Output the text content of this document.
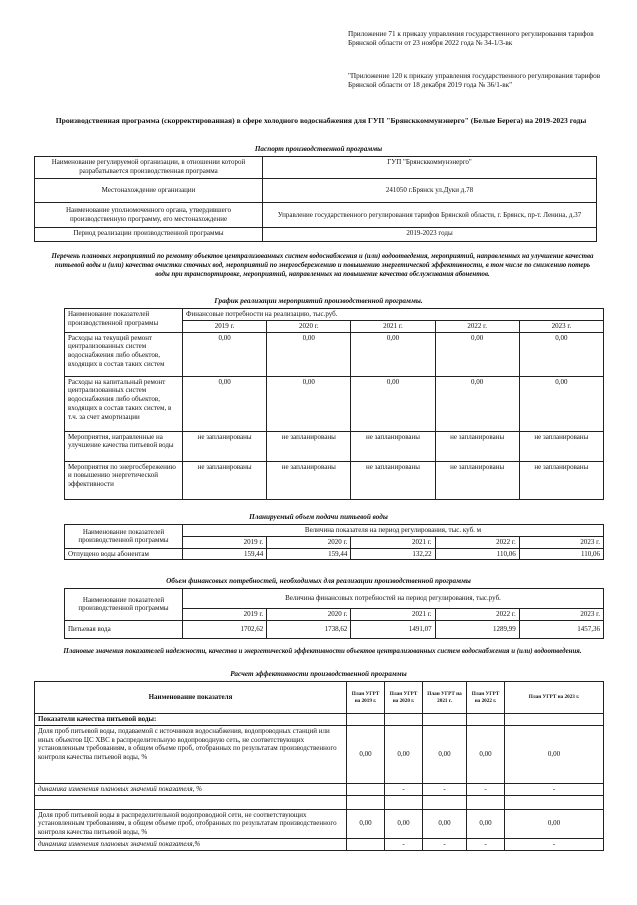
Приложение 71 к приказу управления государственного регулирования тарифов Брянской области от 23 ноября 2022 года № 34-1/3-вк
"Приложение 120 к приказу управления государственного регулирования тарифов Брянской области от 18 декабря 2019 года № 36/1-вк"
Производственная программа (скорректированная) в сфере холодного водоснабжения для ГУП "Брянсккоммунэнерго" (Белые Берега) на 2019-2023 годы
Паспорт производственной программы
Наименование регулируемой организации, в отношении которой разрабатывается производственная программа	ГУП "Брянсккоммунэнерго"
Местонахождение организации	241050 г.Брянск ул.Дуки д.78
Наименование уполномоченного органа, утвердившего производственную программу, его местонахождение	Управление государственного регулирования тарифов Брянской области, г. Брянск, пр-т. Ленина, д.37
Период реализации производственной программы	2019-2023 годы
Перечень плановых мероприятий по ремонту объектов централизованных систем водоснабжения и (или) водоотведения, мероприятий, направленных на улучшение качества питьевой воды и (или) качества очистки сточных вод, мероприятий по энергосбережению и повышению энергетической эффективности, в том числе по снижению потерь воды при транспортировке, мероприятий, направленных на повышение качества обслуживания абонентов.
График реализации мероприятий производственной программы.
Наименование показателей производственной программы	Финансовые потребности на реализацию, тыс.руб.				
	2019 г.	2020 г.	2021 г.	2022 г.	2023 г.
Расходы на текущий ремонт централизованных систем водоснабжения либо объектов, входящих в состав таких систем	0,00	0,00	0,00	0,00	0,00
Расходы на капитальный ремонт централизованных систем водоснабжения либо объектов, входящих в состав таких систем, в т.ч. за счет амортизации	0,00	0,00	0,00	0,00	0,00
Мероприятия, направленные на улучшение качества питьевой воды	не запланированы	не запланированы	не запланированы	не запланированы	не запланированы
Мероприятия по энергосбережению и повышению энергетической эффективности	не запланированы	не запланированы	не запланированы	не запланированы	не запланированы
Планируемый объем подачи питьевой воды
Наименование показателей производственной программы	Величина показателя на период регулирования, тыс. куб. м				
	2019 г.	2020 г.	2021 г.	2022 г.	2023 г.
Отпущено воды абонентам	159,44	159,44	132,22	110,06	110,06
Объем финансовых потребностей, необходимых для реализации производственной программы
Наименование показателей производственной программы	Величина финансовых потребностей на период регулирования, тыс.руб.				
	2019 г.	2020 г.	2021 г.	2022 г.	2023 г.
Питьевая вода	1702,62	1738,62	1491,07	1289,99	1457,36
Плановые значения показателей надежности, качества и энергетической эффективности объектов централизованных систем водоснабжения и (или) водоотведения.
Расчет эффективности производственной программы
Наименование показателя	План УГРТ на 2019 г.	План УГРТ на 2020 г.	План УГРТ на 2021 г.	План УГРТ на 2022 г.	План УГРТ на 2023 г.
Показатели качества питьевой воды:					
Доля проб питьевой воды, подаваемой с источников водоснабжения, водопроводных станций или иных объектов ЦС ХВС в распределительную водопроводную сеть, не соответствующих установленным требованиям, в общем объеме проб, отобранных по результатам производственного контроля качества питьевой воды, %	0,00	0,00	0,00	0,00	0,00
динамика изменения плановых значений показателя, %		-	-	-	-

Доля проб питьевой воды в распределительной водопроводной сети, не соответствующих установленным требованиям, в общем объеме проб, отобранных по результатам производственного контроля качества питьевой воды, %	0,00	0,00	0,00	0,00	0,00
динамика изменения плановых значений показателя,%		-	-	-	-
